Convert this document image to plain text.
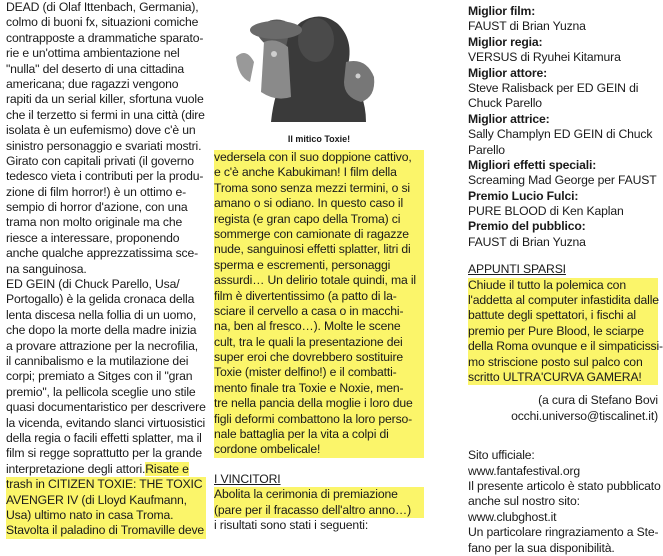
DEAD (di Olaf Ittenbach, Germania),
colmo di buoni fx, situazioni comiche
contrapposte a drammatiche sparato-
rie e un'ottima ambientazione nel
"nulla" del deserto di una cittadina
americana; due ragazzi vengono
rapiti da un serial killer, sfortuna vuole
che il terzetto si fermi in una città (dire
isolata è un eufemismo) dove c'è un
sinistro personaggio e svariati mostri.
Girato con capitali privati (il governo
tedesco vieta i contributi per la produ-
zione di film horror!) è un ottimo e-
sempio di horror d'azione, con una
trama non molto originale ma che
riesce a interessare, proponendo
anche qualche apprezzatissima sce-
na sanguinosa.
ED GEIN (di Chuck Parello, Usa/
Portogallo) è la gelida cronaca della
lenta discesa nella follia di un uomo,
che dopo la morte della madre inizia
a provare attrazione per la necrofilia,
il cannibalismo e la mutilazione dei
corpi; premiato a Sitges con il "gran
premio", la pellicola sceglie uno stile
quasi documentaristico per descrivere
la vicenda, evitando slanci virtuosistici
della regia o facili effetti splatter, ma il
film si regge soprattutto per la grande
interpretazione degli attori.Risate e
trash in CITIZEN TOXIE: THE TOXIC
AVENGER IV (di Lloyd Kaufmann,
Usa) ultimo nato in casa Troma.
Stavolta il paladino di Tromaville deve
Il mitico Toxie!
vedersela con il suo doppione cattivo,
e c'è anche Kabukiman! I film della
Troma sono senza mezzi termini, o si
amano o si odiano. In questo caso il
regista (e gran capo della Troma) ci
sommerge con camionate di ragazze
nude, sanguinosi effetti splatter, litri di
sperma e escrementi, personaggi
assurdi… Un delirio totale quindi, ma il
film è divertentissimo (a patto di la-
sciare il cervello a casa o in macchi-
na, ben al fresco…). Molte le scene
cult, tra le quali la presentazione dei
super eroi che dovrebbero sostituire
Toxie (mister delfino!) e il combatti-
mento finale tra Toxie e Noxie, men-
tre nella pancia della moglie i loro due
figli deformi combattono la loro perso-
nale battaglia per la vita a colpi di
cordone ombelicale!
I VINCITORI
Abolita la cerimonia di premiazione
(pare per il fracasso dell'altro anno…)
i risultati sono stati i seguenti:
Miglior film:
FAUST di Brian Yuzna
Miglior regia:
VERSUS di Ryuhei Kitamura
Miglior attore:
Steve Ralisback per ED GEIN di
Chuck Parello
Miglior attrice:
Sally Champlyn ED GEIN di Chuck
Parello
Migliori effetti speciali:
Screaming Mad George per FAUST
Premio Lucio Fulci:
PURE BLOOD di Ken Kaplan
Premio del pubblico:
FAUST di Brian Yuzna
APPUNTI SPARSI
Chiude il tutto la polemica con
l'addetta al computer infastidita dalle
battute degli spettatori, i fischi al
premio per Pure Blood, le sciarpe
della Roma ovunque e il simpaticissi-
mo striscione posto sul palco con
scritto ULTRA'CURVA GAMERA!
(a cura di Stefano Bovi
occhi.universo@tiscalinet.it)
Sito ufficiale:
www.fantafestival.org
Il presente articolo è stato pubblicato
anche sul nostro sito:
www.clubghost.it
Un particolare ringraziamento a Ste-
fano per la sua disponibilità.
